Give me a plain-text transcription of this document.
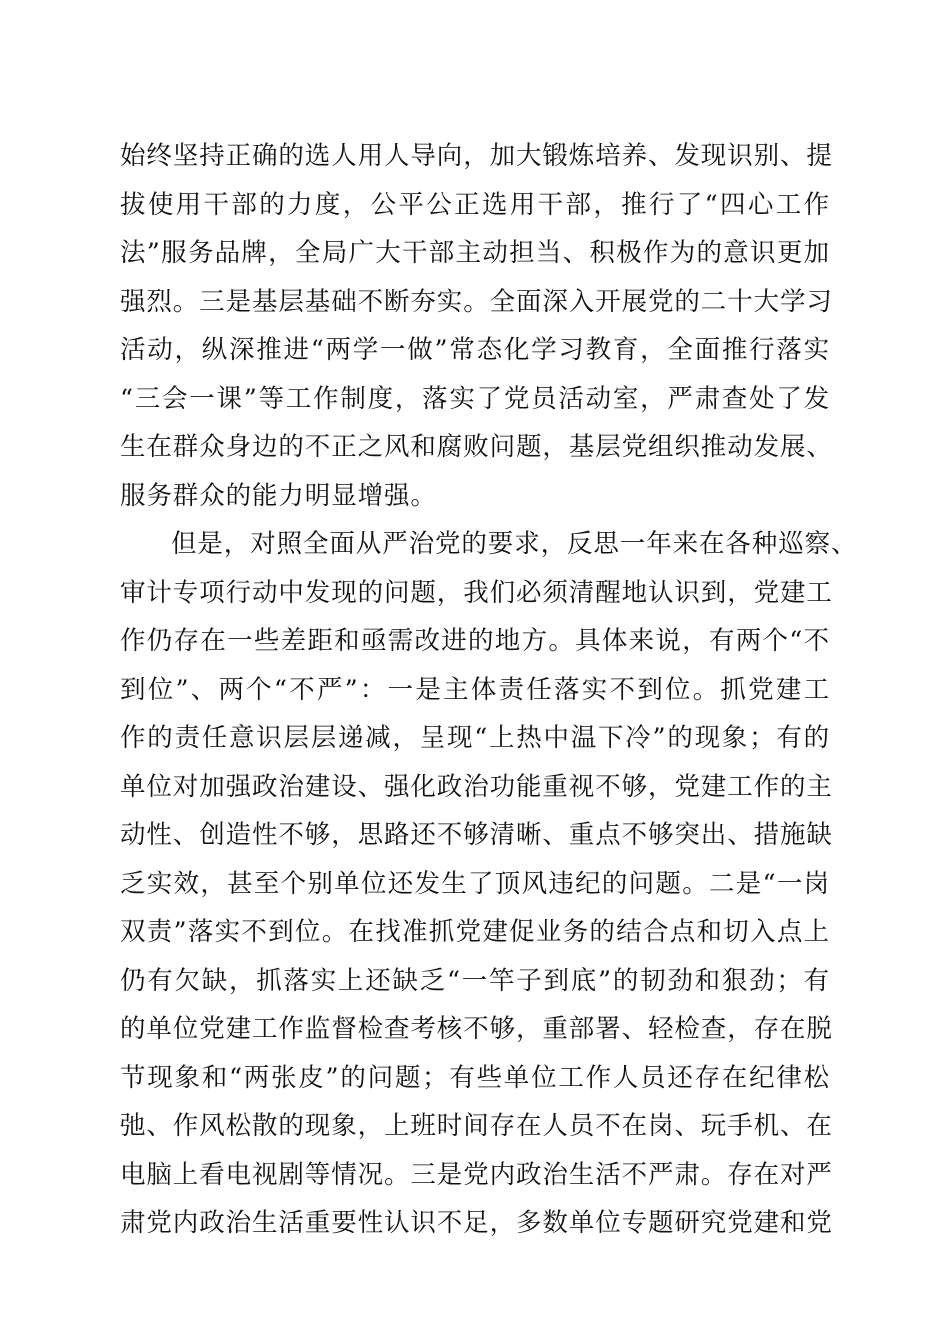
始终坚持正确的选人用人导向，加大锻炼培养、发现识别、提
拔使用干部的力度，公平公正选用干部，推行了“四心工作
法”服务品牌，全局广大干部主动担当、积极作为的意识更加
强烈。三是基层基础不断夯实。全面深入开展党的二十大学习
活动，纵深推进“两学一做”常态化学习教育，全面推行落实
“三会一课”等工作制度，落实了党员活动室，严肃查处了发
生在群众身边的不正之风和腐败问题，基层党组织推动发展、
服务群众的能力明显增强。
但是，对照全面从严治党的要求，反思一年来在各种巡察、
审计专项行动中发现的问题，我们必须清醒地认识到，党建工
作仍存在一些差距和亟需改进的地方。具体来说，有两个“不
到位”、两个“不严”：一是主体责任落实不到位。抓党建工
作的责任意识层层递减，呈现“上热中温下冷”的现象；有的
单位对加强政治建设、强化政治功能重视不够，党建工作的主
动性、创造性不够，思路还不够清晰、重点不够突出、措施缺
乏实效，甚至个别单位还发生了顶风违纪的问题。二是“一岗
双责”落实不到位。在找准抓党建促业务的结合点和切入点上
仍有欠缺，抓落实上还缺乏“一竿子到底”的韧劲和狠劲；有
的单位党建工作监督检查考核不够，重部署、轻检查，存在脱
节现象和“两张皮”的问题；有些单位工作人员还存在纪律松
弛、作风松散的现象，上班时间存在人员不在岗、玩手机、在
电脑上看电视剧等情况。三是党内政治生活不严肃。存在对严
肃党内政治生活重要性认识不足，多数单位专题研究党建和党
